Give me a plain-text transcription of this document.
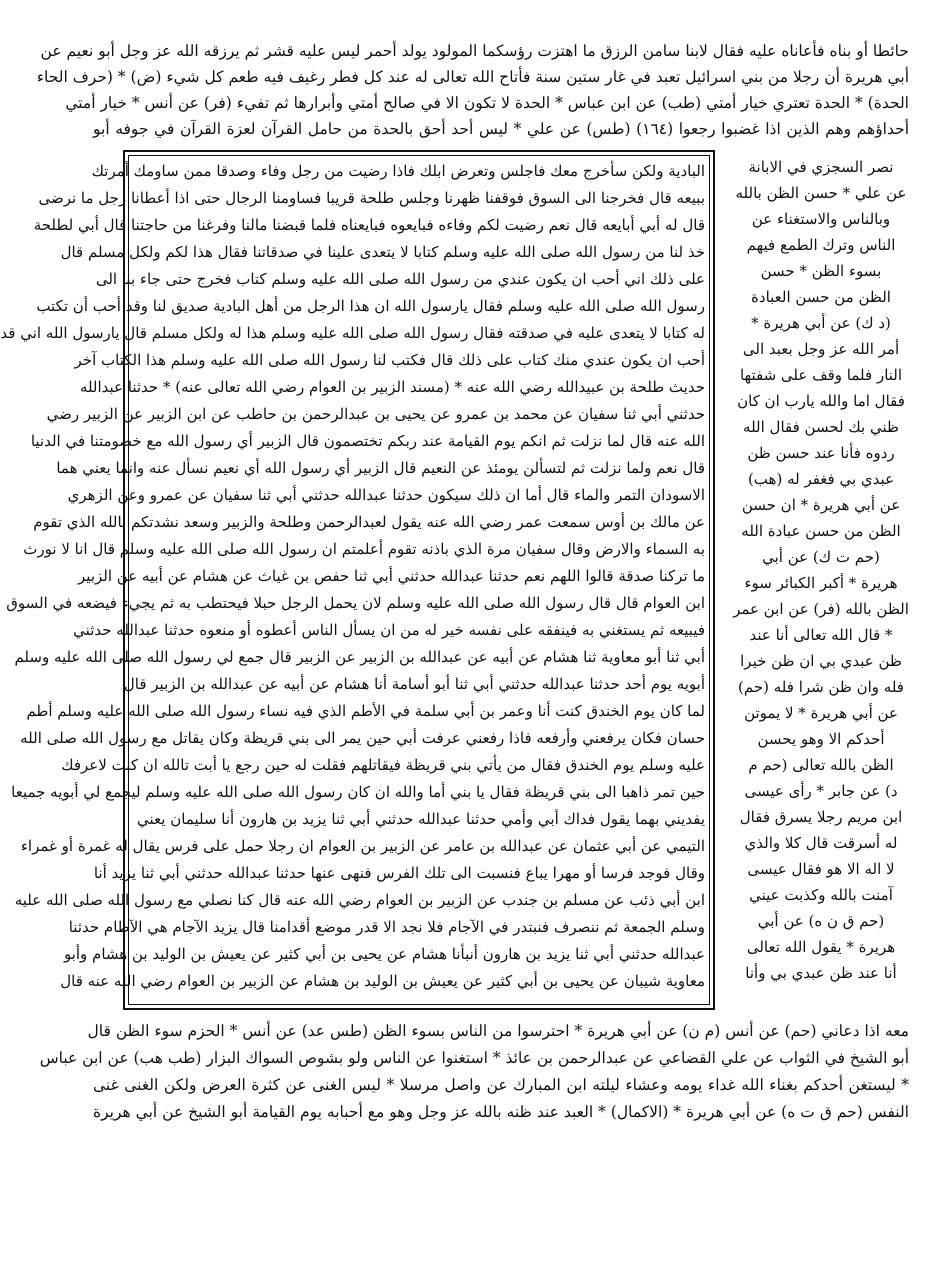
حائطا أو بناه فأعاناه عليه فقال لابنا سامن الرزق ما اهتزت رؤسكما المولود يولد أحمر ليس عليه قشر ثم يرزقه الله عز وجل أبو نعيم عن
أبي هريرة أن رجلا من بني اسرائيل تعبد في غار ستين سنة فأتاح الله تعالى له عند كل فطر رغيف فيه طعم كل شيء (ض) * (حرف الحاء
الحدة) * الحدة تعتري خيار أمتي (طب) عن ابن عباس * الحدة لا تكون الا في صالح أمتي وأبرارها ثم تفيء (فر) عن أنس * خيار أمتي
أحداؤهم وهم الذين اذا غضبوا رجعوا (١٦٤) (طس) عن علي * ليس أحد أحق بالحدة من حامل القرآن لعزة القرآن في جوفه أبو
البادية ولكن سأخرج معك فاجلس وتعرض ابلك فاذا رضيت من رجل وفاء وصدقا ممن ساومك أمرتك
ببيعه قال فخرجنا الى السوق فوقفنا ظهرنا وجلس طلحة قريبا فساومنا الرجال حتى اذا أعطانا رجل ما نرضى
قال له أبي أبايعه قال نعم رضيت لكم وفاءه فبايعوه فبايعناه فلما قبضنا مالنا وفرغنا من حاجتنا قال أبي لطلحة
خذ لنا من رسول الله صلى الله عليه وسلم كتابا لا يتعدى علينا في صدقاتنا فقال هذا لكم ولكل مسلم قال
على ذلك اني أحب ان يكون عندي من رسول الله صلى الله عليه وسلم كتاب فخرج حتى جاء بنا الى
رسول الله صلى الله عليه وسلم فقال يارسول الله ان هذا الرجل من أهل البادية صديق لنا وقد أحب أن تكتب
له كتابا لا يتعدى عليه في صدقته فقال رسول الله صلى الله عليه وسلم هذا له ولكل مسلم قال يارسول الله اني قد
أحب ان يكون عندي منك كتاب على ذلك قال فكتب لنا رسول الله صلى الله عليه وسلم هذا الكتاب آخر
حديث طلحة بن عبيدالله رضي الله عنه * (مسند الزبير بن العوام رضي الله تعالى عنه) * حدثنا عبدالله
حدثني أبي ثنا سفيان عن محمد بن عمرو عن يحيى بن عبدالرحمن بن حاطب عن ابن الزبير عن الزبير رضي
الله عنه قال لما نزلت ثم انكم يوم القيامة عند ربكم تختصمون قال الزبير أي رسول الله مع خصومتنا في الدنيا
قال نعم ولما نزلت ثم لتسألن يومئذ عن النعيم قال الزبير أي رسول الله أي نعيم نسأل عنه وانما يعني هما
الاسودان التمر والماء قال أما ان ذلك سيكون حدثنا عبدالله حدثني أبي ثنا سفيان عن عمرو وعن الزهري
عن مالك بن أوس سمعت عمر رضي الله عنه يقول لعبدالرحمن وطلحة والزبير وسعد نشدتكم بالله الذي تقوم
به السماء والارض وقال سفيان مرة الذي باذنه تقوم أعلمتم ان رسول الله صلى الله عليه وسلم قال انا لا نورث
ما تركنا صدقة قالوا اللهم نعم حدثنا عبدالله حدثني أبي ثنا حفص بن غياث عن هشام عن أبيه عن الزبير
ابن العوام قال قال رسول الله صلى الله عليه وسلم لان يحمل الرجل حبلا فيحتطب به ثم يجيء فيضعه في السوق
فيبيعه ثم يستغني به فينفقه على نفسه خير له من ان يسأل الناس أعطوه أو منعوه حدثنا عبدالله حدثني
أبي ثنا أبو معاوية ثنا هشام عن أبيه عن عبدالله بن الزبير عن الزبير قال جمع لي رسول الله صلى الله عليه وسلم
أبويه يوم أحد حدثنا عبدالله حدثني أبي ثنا أبو أسامة أنا هشام عن أبيه عن عبدالله بن الزبير قال
لما كان يوم الخندق كنت أنا وعمر بن أبي سلمة في الأطم الذي فيه نساء رسول الله صلى الله عليه وسلم أطم
حسان فكان يرفعني وأرفعه فاذا رفعني عرفت أبي حين يمر الى بني قريظة وكان يقاتل مع رسول الله صلى الله
عليه وسلم يوم الخندق فقال من يأتي بني قريظة فيقاتلهم فقلت له حين رجع يا أبت تالله ان كنت لاعرفك
حين تمر ذاهبا الى بني قريظة فقال يا بني أما والله ان كان رسول الله صلى الله عليه وسلم ليجمع لي أبويه جميعا
يفديني بهما يقول فداك أبي وأمي حدثنا عبدالله حدثني أبي ثنا يزيد بن هارون أنا سليمان يعني
التيمي عن أبي عثمان عن عبدالله بن عامر عن الزبير بن العوام ان رجلا حمل على فرس يقال له غمرة أو غمراء
وقال فوجد فرسا أو مهرا يباع فنسبت الى تلك الفرس فنهى عنها حدثنا عبدالله حدثني أبي ثنا يزيد أنا
ابن أبي ذئب عن مسلم بن جندب عن الزبير بن العوام رضي الله عنه قال كنا نصلي مع رسول الله صلى الله عليه
وسلم الجمعة ثم ننصرف فنبتدر في الآجام فلا نجد الا قدر موضع أقدامنا قال يزيد الآجام هي الآطام حدثنا
عبدالله حدثني أبي ثنا يزيد بن هارون أنبأنا هشام عن يحيى بن أبي كثير عن يعيش بن الوليد بن هشام وأبو
معاوية شيبان عن يحيى بن أبي كثير عن يعيش بن الوليد بن هشام عن الزبير بن العوام رضي الله عنه قال
نصر السجزي في الابانة
عن علي * حسن الظن بالله
وبالناس والاستغناء عن
الناس وترك الطمع فيهم
بسوء الظن * حسن
الظن من حسن العبادة
(د ك) عن أبي هريرة *
أمر الله عز وجل بعبد الى
النار فلما وقف على شفتها
فقال اما والله يارب ان كان
ظني بك لحسن فقال الله
ردوه فأنا عند حسن ظن
عبدي بي فغفر له (هب)
عن أبي هريرة * ان حسن
الظن من حسن عبادة الله
(حم ت ك) عن أبي
هريرة * أكبر الكبائر سوء
الظن بالله (فر) عن ابن عمر
* قال الله تعالى أنا عند
ظن عبدي بي ان ظن خيرا
فله وان ظن شرا فله (حم)
عن أبي هريرة * لا يموتن
أحدكم الا وهو يحسن
الظن بالله تعالى (حم م
د) عن جابر * رأى عيسى
ابن مريم رجلا يسرق فقال
له أسرقت قال كلا والذي
لا اله الا هو فقال عيسى
آمنت بالله وكذبت عيني
(حم ق ن ه) عن أبي
هريرة * يقول الله تعالى
أنا عند ظن عبدي بي وأنا
معه اذا دعاني (حم) عن أنس (م ن) عن أبي هريرة * احترسوا من الناس بسوء الظن (طس عد) عن أنس * الحزم سوء الظن قال
أبو الشيخ في الثواب عن علي القضاعي عن عبدالرحمن بن عائذ * استغنوا عن الناس ولو بشوص السواك البزار (طب هب) عن ابن عباس
* ليستغن أحدكم بغناء الله غداء يومه وعشاء ليلته ابن المبارك عن واصل مرسلا * ليس الغنى عن كثرة العرض ولكن الغنى غنى
النفس (حم ق ت ه) عن أبي هريرة * (الاكمال) * العبد عند ظنه بالله عز وجل وهو مع أحبابه يوم القيامة أبو الشيخ عن أبي هريرة
